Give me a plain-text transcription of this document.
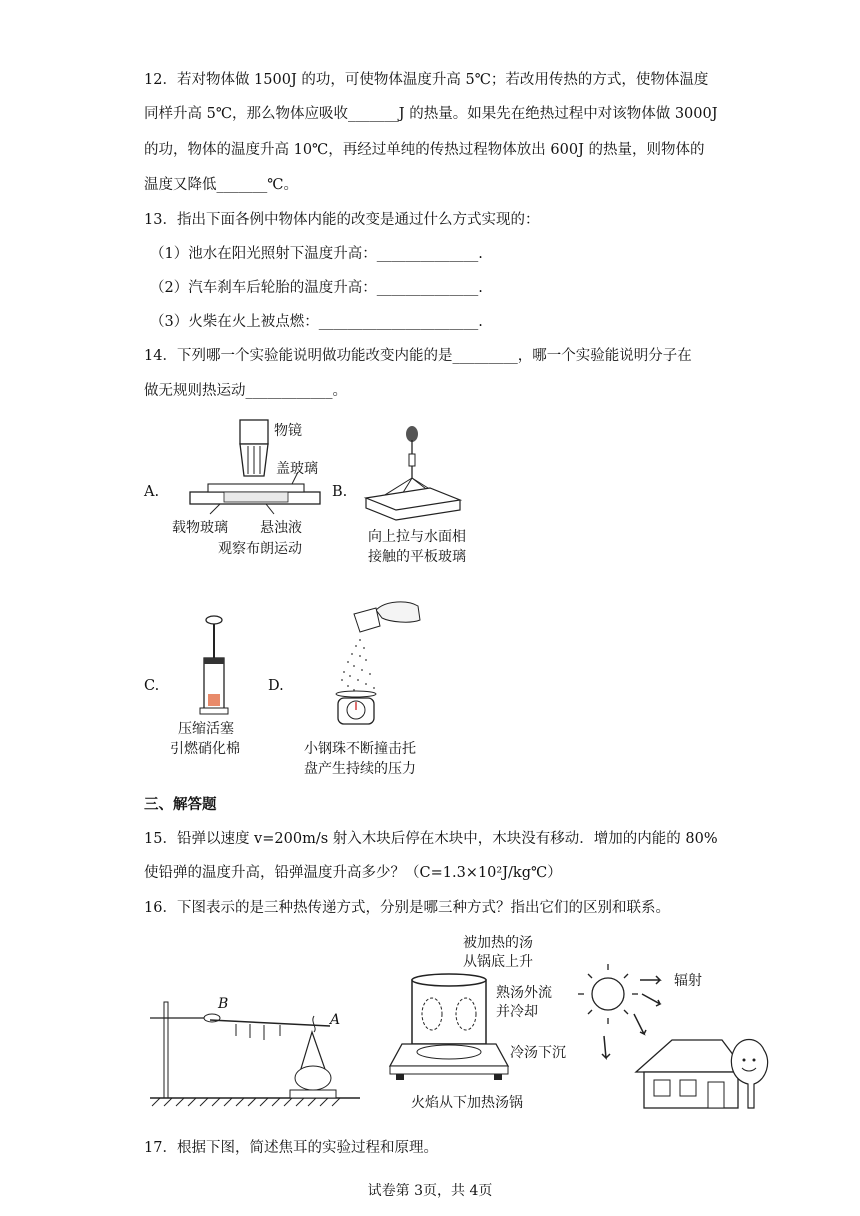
12．若对物体做 1500J 的功，可使物体温度升高 5℃；若改用传热的方式，使物体温度
同样升高 5℃，那么物体应吸收_______J 的热量。如果先在绝热过程中对该物体做 3000J
的功，物体的温度升高 10℃，再经过单纯的传热过程物体放出 600J 的热量，则物体的
温度又降低_______℃。
13．指出下面各例中物体内能的改变是通过什么方式实现的：
（1）池水在阳光照射下温度升高：______________.
（2）汽车刹车后轮胎的温度升高：______________.
（3）火柴在火上被点燃：______________________.
14．下列哪一个实验能说明做功能改变内能的是_________，哪一个实验能说明分子在
做无规则热运动____________。
A.
物镜
盖玻璃
载物玻璃 悬浊液
观察布朗运动
B.
向上拉与水面相
接触的平板玻璃
C.
压缩活塞
引燃硝化棉
D.
小钢珠不断撞击托
盘产生持续的压力
三、解答题
15．铅弹以速度 v=200m/s 射入木块后停在木块中，木块没有移动．增加的内能的 80%
使铅弹的温度升高，铅弹温度升高多少？（C=1.3×10²J/kg℃）
16．下图表示的是三种热传递方式，分别是哪三种方式？指出它们的区别和联系。
B
A
被加热的汤
从锅底上升
熟汤外流
并冷却
冷汤下沉
火焰从下加热汤锅
辐射
17．根据下图，简述焦耳的实验过程和原理。
试卷第 3页，共 4页
